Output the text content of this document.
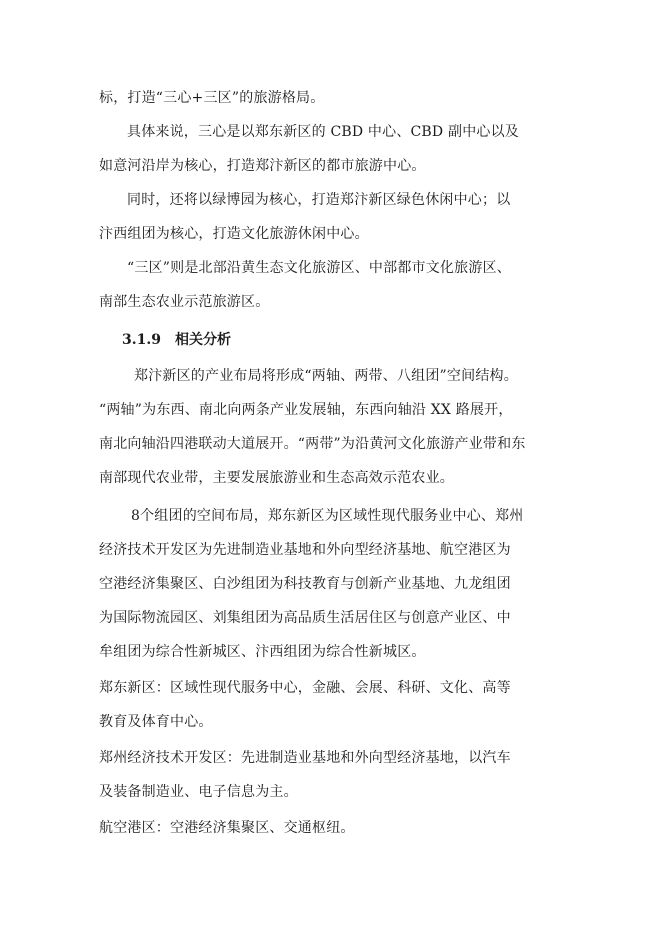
标，打造“三心+三区”的旅游格局。
具体来说，三心是以郑东新区的 CBD 中心、CBD 副中心以及
如意河沿岸为核心，打造郑汴新区的都市旅游中心。
同时，还将以绿博园为核心，打造郑汴新区绿色休闲中心；以
汴西组团为核心，打造文化旅游休闲中心。
“三区”则是北部沿黄生态文化旅游区、中部都市文化旅游区、
南部生态农业示范旅游区。
3.1.9 相关分析
郑汴新区的产业布局将形成“两轴、两带、八组团”空间结构。
“两轴”为东西、南北向两条产业发展轴，东西向轴沿 XX 路展开，
南北向轴沿四港联动大道展开。“两带”为沿黄河文化旅游产业带和东
南部现代农业带，主要发展旅游业和生态高效示范农业。
8个组团的空间布局，郑东新区为区域性现代服务业中心、郑州
经济技术开发区为先进制造业基地和外向型经济基地、航空港区为
空港经济集聚区、白沙组团为科技教育与创新产业基地、九龙组团
为国际物流园区、刘集组团为高品质生活居住区与创意产业区、中
牟组团为综合性新城区、汴西组团为综合性新城区。
郑东新区：区域性现代服务中心，金融、会展、科研、文化、高等
教育及体育中心。
郑州经济技术开发区：先进制造业基地和外向型经济基地，以汽车
及装备制造业、电子信息为主。
航空港区：空港经济集聚区、交通枢纽。
